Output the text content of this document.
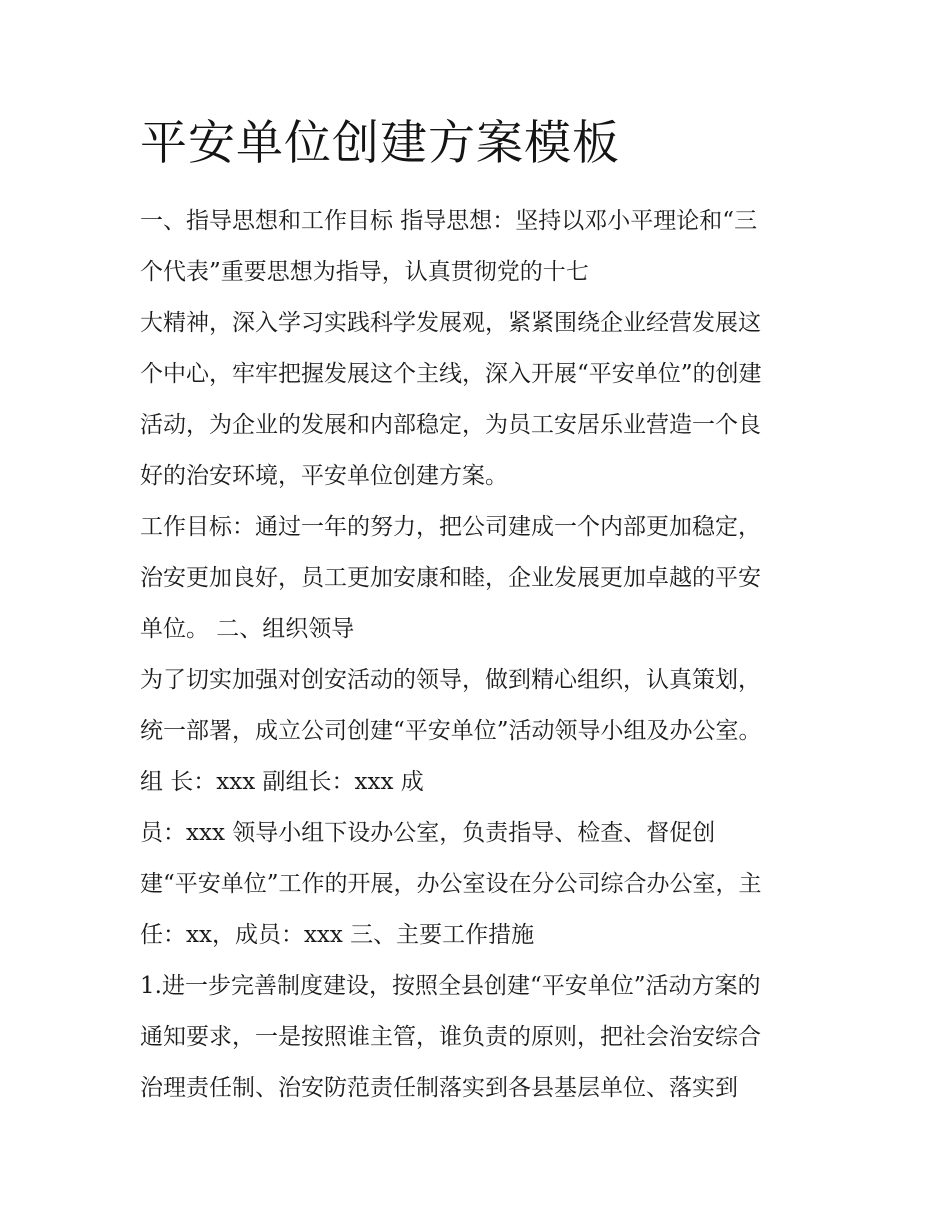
平安单位创建方案模板
一、指导思想和工作目标 指导思想：坚持以邓小平理论和“三
个代表”重要思想为指导，认真贯彻党的十七
大精神，深入学习实践科学发展观，紧紧围绕企业经营发展这
个中心，牢牢把握发展这个主线，深入开展“平安单位”的创建
活动，为企业的发展和内部稳定，为员工安居乐业营造一个良
好的治安环境，平安单位创建方案。
工作目标：通过一年的努力，把公司建成一个内部更加稳定，
治安更加良好，员工更加安康和睦，企业发展更加卓越的平安
单位。 二、组织领导
为了切实加强对创安活动的领导，做到精心组织，认真策划，
统一部署，成立公司创建“平安单位”活动领导小组及办公室。
组 长：xxx 副组长：xxx 成
员：xxx 领导小组下设办公室，负责指导、检查、督促创
建“平安单位”工作的开展，办公室设在分公司综合办公室，主
任：xx，成员：xxx 三、主要工作措施
1.进一步完善制度建设，按照全县创建“平安单位”活动方案的
通知要求，一是按照谁主管，谁负责的原则，把社会治安综合
治理责任制、治安防范责任制落实到各县基层单位、落实到
